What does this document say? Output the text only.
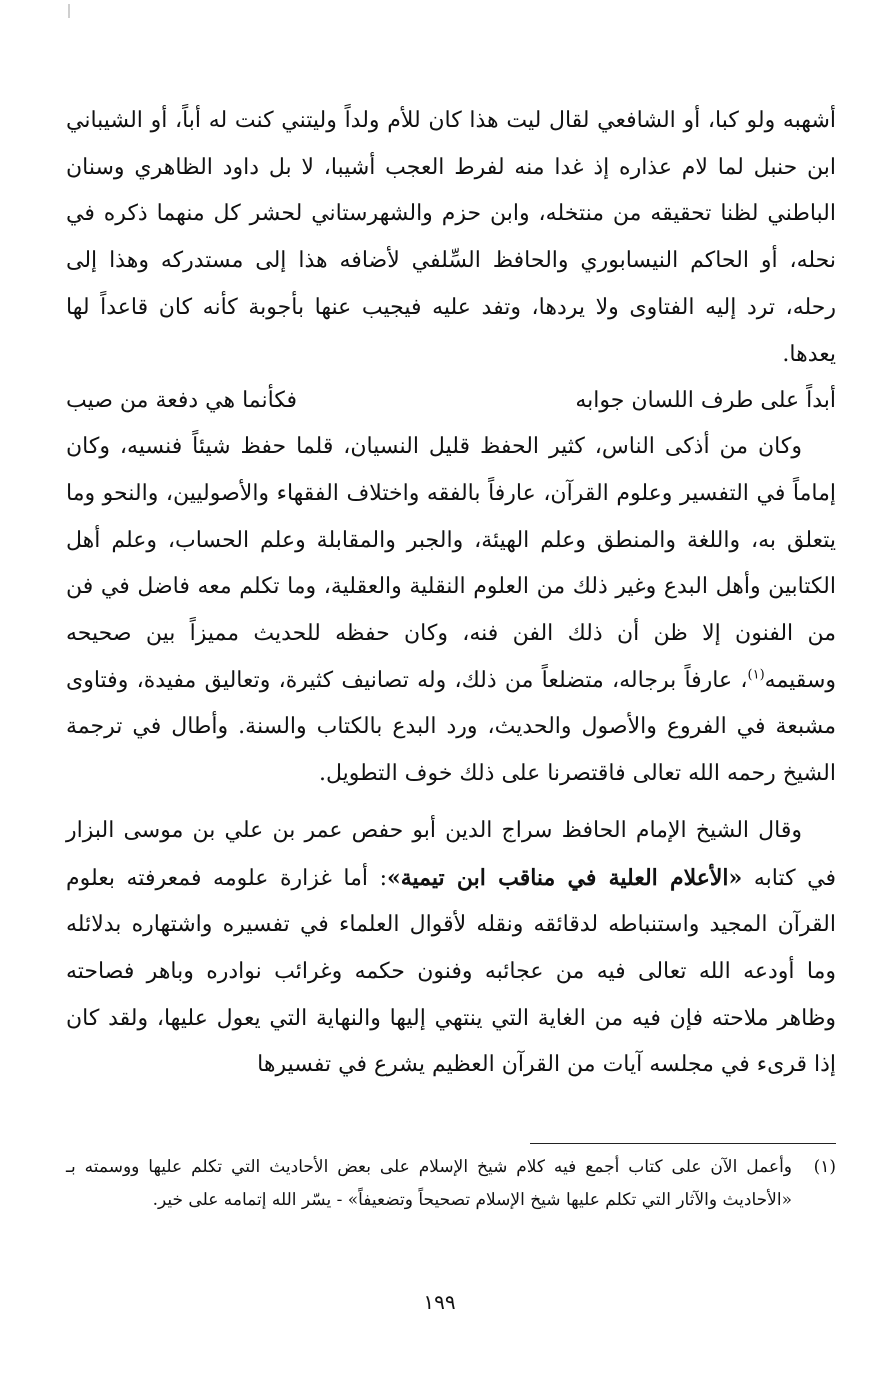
أشهبه ولو كبا، أو الشافعي لقال ليت هذا كان للأم ولداً وليتني كنت له أباً، أو الشيباني ابن حنبل لما لام عذاره إذ غدا منه لفرط العجب أشيبا، لا بل داود الظاهري وسنان الباطني لظنا تحقيقه من منتخله، وابن حزم والشهرستاني لحشر كل منهما ذكره في نحله، أو الحاكم النيسابوري والحافظ السِّلفي لأضافه هذا إلى مستدركه وهذا إلى رحله، ترد إليه الفتاوى ولا يردها، وتفد عليه فيجيب عنها بأجوبة كأنه كان قاعداً لها يعدها.

أبداً على طرف اللسان جوابه
فكأنما هي دفعة من صيب

وكان من أذكى الناس، كثير الحفظ قليل النسيان، قلما حفظ شيئاً فنسيه، وكان إماماً في التفسير وعلوم القرآن، عارفاً بالفقه واختلاف الفقهاء والأصوليين، والنحو وما يتعلق به، واللغة والمنطق وعلم الهيئة، والجبر والمقابلة وعلم الحساب، وعلم أهل الكتابين وأهل البدع وغير ذلك من العلوم النقلية والعقلية، وما تكلم معه فاضل في فن من الفنون إلا ظن أن ذلك الفن فنه، وكان حفظه للحديث مميزاً بين صحيحه وسقيمه$^{(١)}$، عارفاً برجاله، متضلعاً من ذلك، وله تصانيف كثيرة، وتعاليق مفيدة، وفتاوى مشبعة في الفروع والأصول والحديث، ورد البدع بالكتاب والسنة. وأطال في ترجمة الشيخ رحمه الله تعالى فاقتصرنا على ذلك خوف التطويل.

وقال الشيخ الإمام الحافظ سراج الدين أبو حفص عمر بن علي بن موسى البزار في كتابه «الأعلام العلية في مناقب ابن تيمية»: أما غزارة علومه فمعرفته بعلوم القرآن المجيد واستنباطه لدقائقه ونقله لأقوال العلماء في تفسيره واشتهاره بدلائله وما أودعه الله تعالى فيه من عجائبه وفنون حكمه وغرائب نوادره وباهر فصاحته وظاهر ملاحته فإن فيه من الغاية التي ينتهي إليها والنهاية التي يعول عليها، ولقد كان إذا قرىء في مجلسه آيات من القرآن العظيم يشرع في تفسيرها

(١)
وأعمل الآن على كتاب أجمع فيه كلام شيخ الإسلام على بعض الأحاديث التي تكلم عليها ووسمته بـ «الأحاديث والآثار التي تكلم عليها شيخ الإسلام تصحيحاً وتضعيفاً» - يسّر الله إتمامه على خير.

١٩٩
